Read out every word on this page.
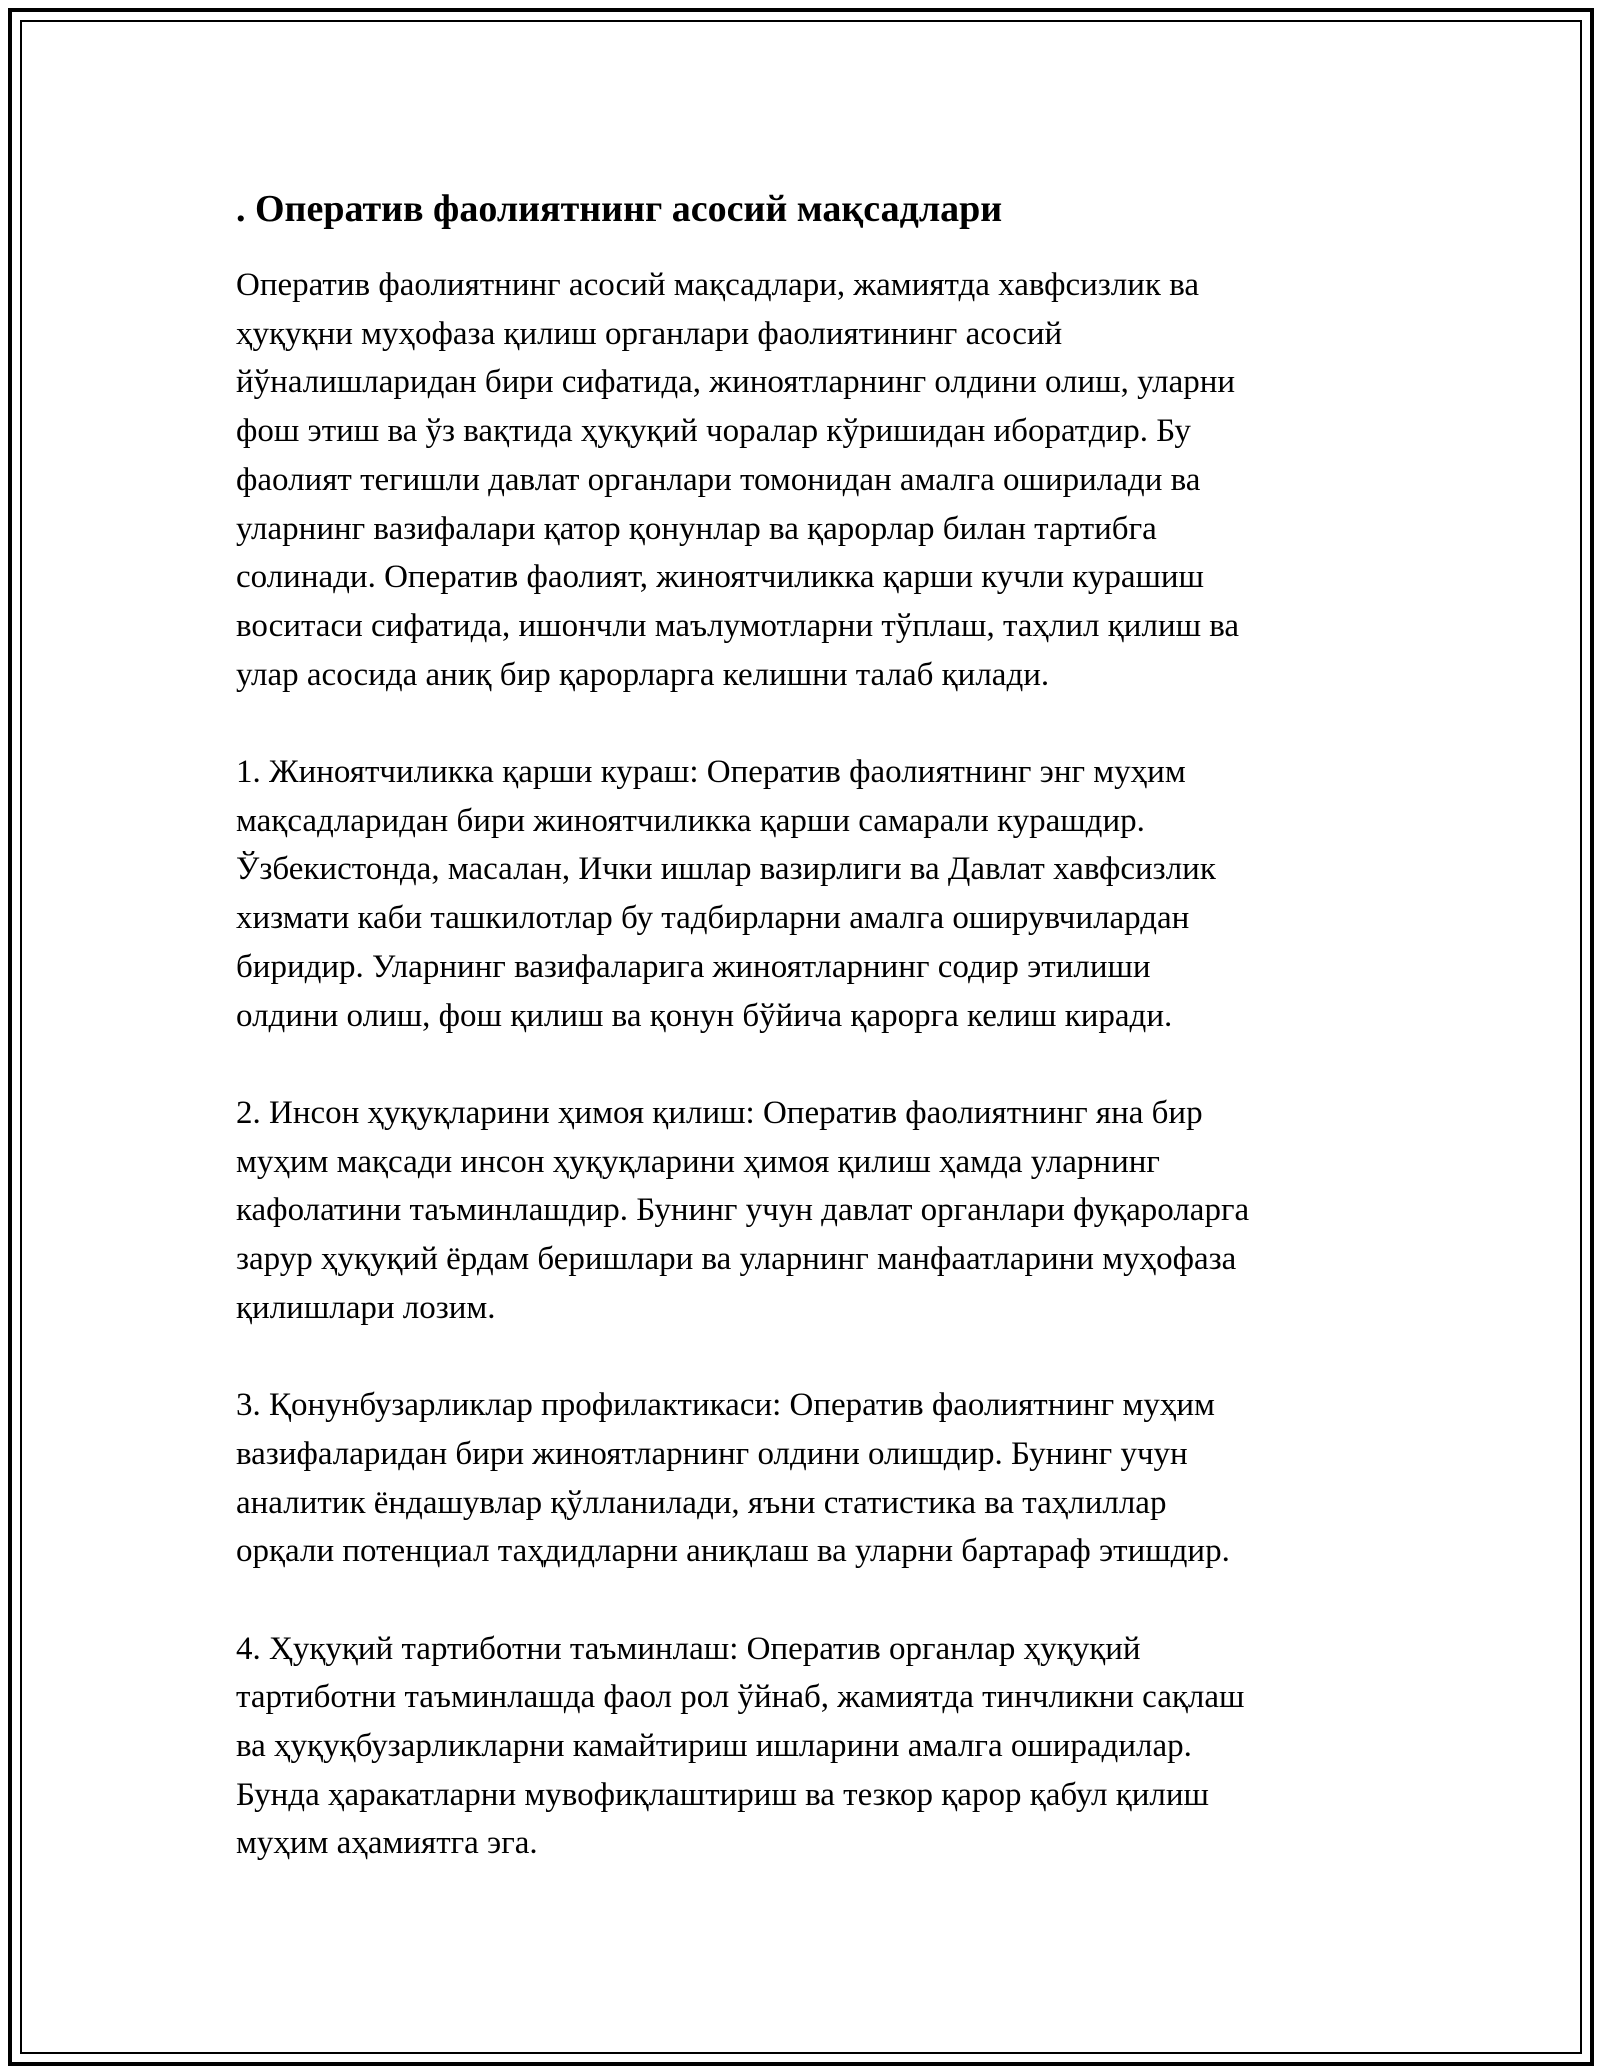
. Оператив фаолиятнинг асосий мақсадлари

Оператив фаолиятнинг асосий мақсадлари, жамиятда хавфсизлик ва
ҳуқуқни муҳофаза қилиш органлари фаолиятининг асосий
йўналишларидан бири сифатида, жиноятларнинг олдини олиш, уларни
фош этиш ва ўз вақтида ҳуқуқий чоралар кўришидан иборатдир. Бу
фаолият тегишли давлат органлари томонидан амалга оширилади ва
уларнинг вазифалари қатор қонунлар ва қарорлар билан тартибга
солинади. Оператив фаолият, жиноятчиликка қарши кучли курашиш
воситаси сифатида, ишончли маълумотларни тўплаш, таҳлил қилиш ва
улар асосида аниқ бир қарорларга келишни талаб қилади.

1. Жиноятчиликка қарши кураш: Оператив фаолиятнинг энг муҳим
мақсадларидан бири жиноятчиликка қарши самарали курашдир.
Ўзбекистонда, масалан, Ички ишлар вазирлиги ва Давлат хавфсизлик
хизмати каби ташкилотлар бу тадбирларни амалга оширувчилардан
биридир. Уларнинг вазифаларига жиноятларнинг содир этилиши
олдини олиш, фош қилиш ва қонун бўйича қарорга келиш киради.

2. Инсон ҳуқуқларини ҳимоя қилиш: Оператив фаолиятнинг яна бир
муҳим мақсади инсон ҳуқуқларини ҳимоя қилиш ҳамда уларнинг
кафолатини таъминлашдир. Бунинг учун давлат органлари фуқароларга
зарур ҳуқуқий ёрдам беришлари ва уларнинг манфаатларини муҳофаза
қилишлари лозим.

3. Қонунбузарликлар профилактикаси: Оператив фаолиятнинг муҳим
вазифаларидан бири жиноятларнинг олдини олишдир. Бунинг учун
аналитик ёндашувлар қўлланилади, яъни статистика ва таҳлиллар
орқали потенциал таҳдидларни аниқлаш ва уларни бартараф этишдир.

4. Ҳуқуқий тартиботни таъминлаш: Оператив органлар ҳуқуқий
тартиботни таъминлашда фаол рол ўйнаб, жамиятда тинчликни сақлаш
ва ҳуқуқбузарликларни камайтириш ишларини амалга оширадилар.
Бунда ҳаракатларни мувофиқлаштириш ва тезкор қарор қабул қилиш
муҳим аҳамиятга эга.
